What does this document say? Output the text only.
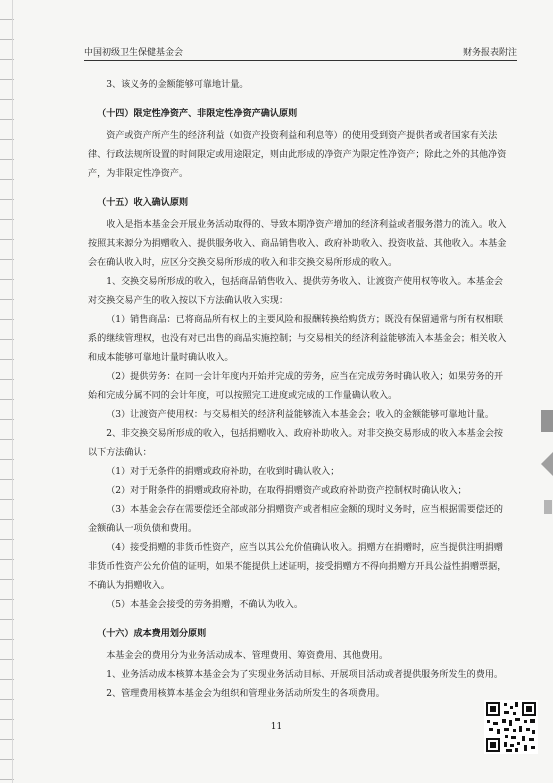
中国初级卫生保健基金会	财务报表附注

3、该义务的金额能够可靠地计量。

（十四）限定性净资产、非限定性净资产确认原则

资产或资产所产生的经济利益（如资产投资利益和利息等）的使用受到资产提供者或者国家有关法律、行政法规所设置的时间限定或用途限定，则由此形成的净资产为限定性净资产；除此之外的其他净资产，为非限定性净资产。

（十五）收入确认原则

收入是指本基金会开展业务活动取得的、导致本期净资产增加的经济利益或者服务潜力的流入。收入按照其来源分为捐赠收入、提供服务收入、商品销售收入、政府补助收入、投资收益、其他收入。本基金会在确认收入时，应区分交换交易所形成的收入和非交换交易所形成的收入。

1、交换交易所形成的收入，包括商品销售收入、提供劳务收入、让渡资产使用权等收入。本基金会对交换交易产生的收入按以下方法确认收入实现：

（1）销售商品：已将商品所有权上的主要风险和报酬转换给购货方；既没有保留通常与所有权相联系的继续管理权，也没有对已出售的商品实施控制；与交易相关的经济利益能够流入本基金会；相关收入和成本能够可靠地计量时确认收入。

（2）提供劳务：在同一会计年度内开始并完成的劳务，应当在完成劳务时确认收入；如果劳务的开始和完成分属不同的会计年度，可以按照完工进度或完成的工作量确认收入。

（3）让渡资产使用权：与交易相关的经济利益能够流入本基金会；收入的金额能够可靠地计量。

2、非交换交易所形成的收入，包括捐赠收入、政府补助收入。对非交换交易形成的收入本基金会按以下方法确认：

（1）对于无条件的捐赠或政府补助，在收到时确认收入；

（2）对于附条件的捐赠或政府补助，在取得捐赠资产或政府补助资产控制权时确认收入；

（3）本基金会存在需要偿还全部或部分捐赠资产或者相应金额的现时义务时，应当根据需要偿还的金额确认一项负债和费用。

（4）接受捐赠的非货币性资产，应当以其公允价值确认收入。捐赠方在捐赠时，应当提供注明捐赠非货币性资产公允价值的证明，如果不能提供上述证明，接受捐赠方不得向捐赠方开具公益性捐赠票据，不确认为捐赠收入。

（5）本基金会接受的劳务捐赠，不确认为收入。

（十六）成本费用划分原则

本基金会的费用分为业务活动成本、管理费用、筹资费用、其他费用。

1、业务活动成本核算本基金会为了实现业务活动目标、开展项目活动或者提供服务所发生的费用。

2、管理费用核算本基金会为组织和管理业务活动所发生的各项费用。

11
